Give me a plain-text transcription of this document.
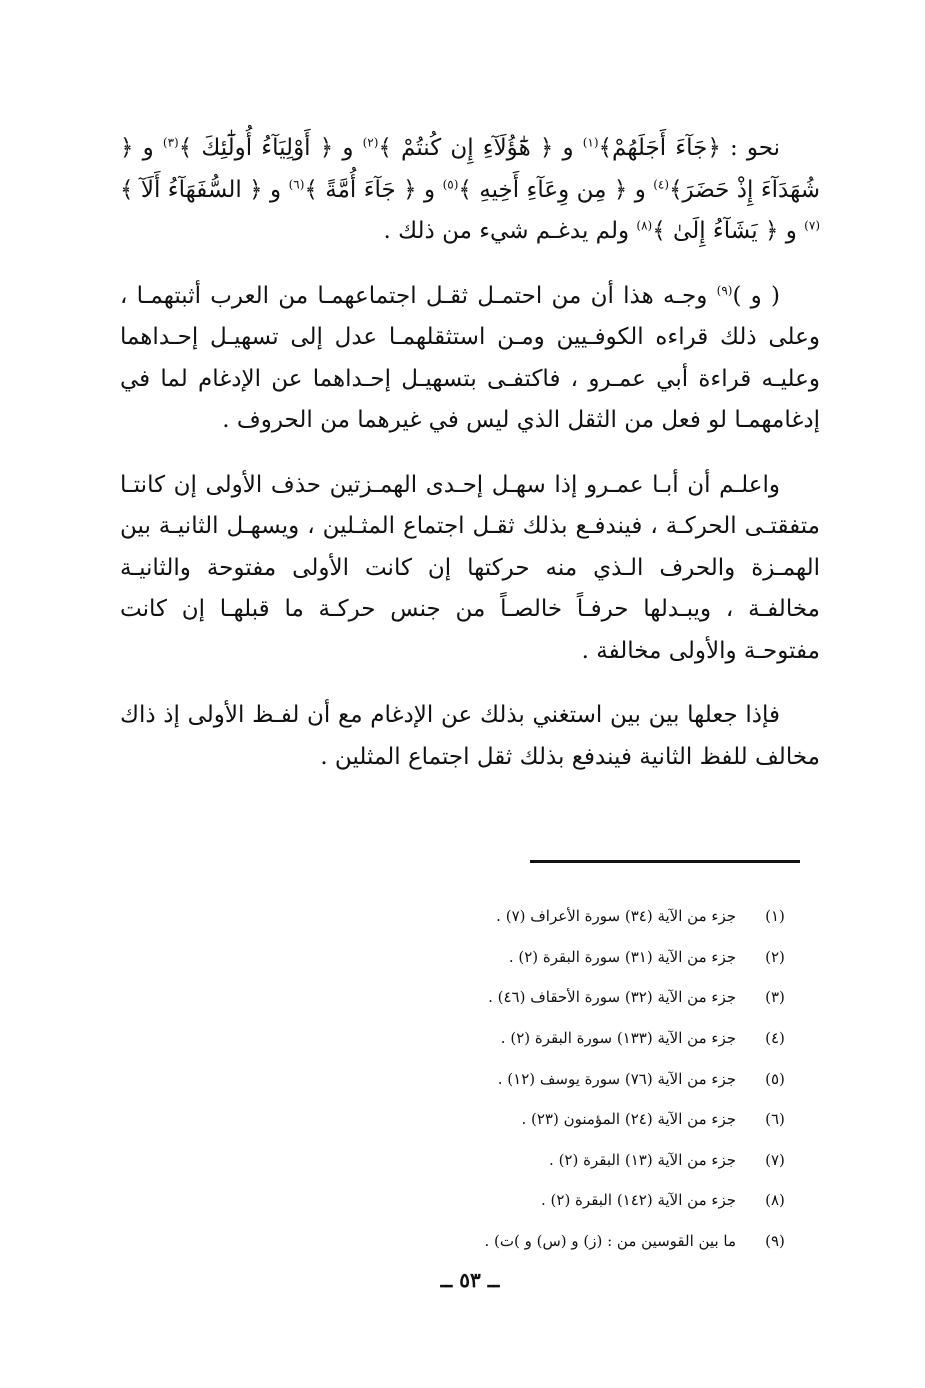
نحو : ﴿جَآءَ أَجَلَهُمْ﴾$^{(١)}$ و ﴿ هَٰٓؤُلَآءِ إِن كُنتُمْ ﴾$^{(٢)}$ و ﴿ أَوْلِيَآءُ أُولَٰٓئِكَ ﴾$^{(٣)}$ و ﴿ شُهَدَآءَ إِذْ حَضَرَ﴾$^{(٤)}$ و ﴿ مِن وِعَآءِ أَخِيهِ ﴾$^{(٥)}$ و ﴿ جَآءَ أُمَّةً ﴾$^{(٦)}$ و ﴿ السُّفَهَآءُ أَلَآ ﴾$^{(٧)}$ و ﴿ يَشَآءُ إِلَىٰ ﴾$^{(٨)}$ ولم يدغـم شيء من ذلك .

( و )$^{(٩)}$ وجـه هذا أن من احتمـل ثقـل اجتماعهمـا من العرب أثبتهمـا ، وعلى ذلك قراءه الكوفـيين ومـن استثقلهمـا عدل إلى تسهيـل إحـداهما وعليـه قراءة أبي عمـرو ، فاكتفـى بتسهيـل إحـداهما عن الإدغام لما في إدغامهمـا لو فعل من الثقل الذي ليس في غيرهما من الحروف .

واعلـم أن أبـا عمـرو إذا سهـل إحـدى الهمـزتين حذف الأولى إن كانتـا متفقتـى الحركـة ، فيندفـع بذلك ثقـل اجتماع المثـلين ، ويسهـل الثانيـة بين الهمـزة والحرف الـذي منه حركتها إن كانت الأولى مفتوحة والثانيـة مخالفـة ، ويبـدلها حرفـاً خالصـاً من جنس حركـة ما قبلهـا إن كانت مفتوحـة والأولى مخالفة .

فإذا جعلها بين بين استغني بذلك عن الإدغام مع أن لفـظ الأولى إذ ذاك مخالف للفظ الثانية فيندفع بذلك ثقل اجتماع المثلين .

(١)
جزء من الآية (٣٤) سورة الأعراف (٧) .
(٢)
جزء من الآية (٣١) سورة البقرة (٢) .
(٣)
جزء من الآية (٣٢) سورة الأحقاف (٤٦) .
(٤)
جزء من الآية (١٣٣) سورة البقرة (٢) .
(٥)
جزء من الآية (٧٦) سورة يوسف (١٢) .
(٦)
جزء من الآية (٢٤) المؤمنون (٢٣) .
(٧)
جزء من الآية (١٣) البقرة (٢) .
(٨)
جزء من الآية (١٤٢) البقرة (٢) .
(٩)
ما بين القوسين من : (ز) و (س) و )ت) .
ــ ٥٣ ــ
